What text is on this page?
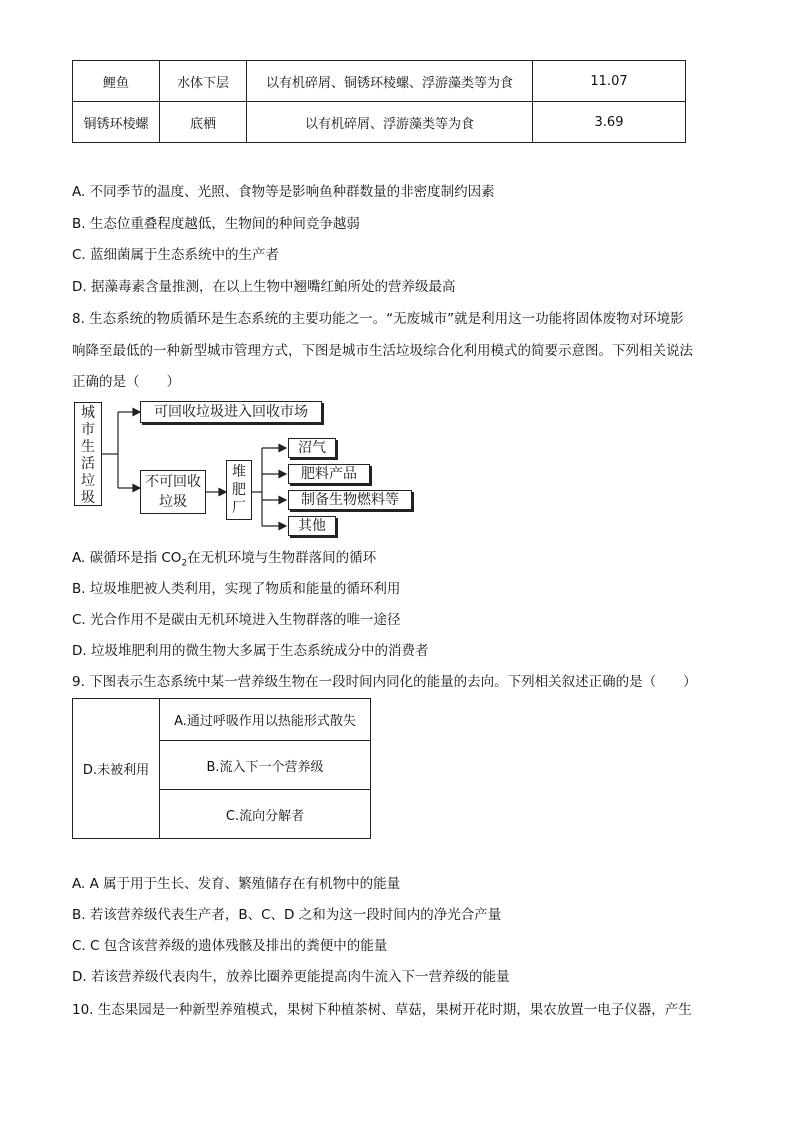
鲤鱼	水体下层	以有机碎屑、铜锈环棱螺、浮游藻类等为食	11.07
铜锈环棱螺	底栖	以有机碎屑、浮游藻类等为食	3.69
A. 不同季节的温度、光照、食物等是影响鱼种群数量的非密度制约因素
B. 生态位重叠程度越低，生物间的种间竞争越弱
C. 蓝细菌属于生态系统中的生产者
D. 据藻毒素含量推测，在以上生物中翘嘴红鲌所处的营养级最高
8. 生态系统的物质循环是生态系统的主要功能之一。“无废城市”就是利用这一功能将固体废物对环境影
响降至最低的一种新型城市管理方式，下图是城市生活垃圾综合化利用模式的简要示意图。下列相关说法
正确的是（　　）
城市生活垃圾
可回收垃圾进入回收市场
不可回收垃圾
堆肥厂
沼气
肥料产品
制备生物燃料等
其他
A. 碳循环是指 $CO_2$在无机环境与生物群落间的循环
B. 垃圾堆肥被人类利用，实现了物质和能量的循环利用
C. 光合作用不是碳由无机环境进入生物群落的唯一途径
D. 垃圾堆肥利用的微生物大多属于生态系统成分中的消费者
9. 下图表示生态系统中某一营养级生物在一段时间内同化的能量的去向。下列相关叙述正确的是（　　）
D.未被利用	A.通过呼吸作用以热能形式散失
B.流入下一个营养级
C.流向分解者
A. A 属于用于生长、发育、繁殖储存在有机物中的能量
B. 若该营养级代表生产者，B、C、D 之和为这一段时间内的净光合产量
C. C 包含该营养级的遗体残骸及排出的粪便中的能量
D. 若该营养级代表肉牛，放养比圈养更能提高肉牛流入下一营养级的能量
10. 生态果园是一种新型养殖模式，果树下种植茶树、草菇，果树开花时期，果农放置一电子仪器，产生
